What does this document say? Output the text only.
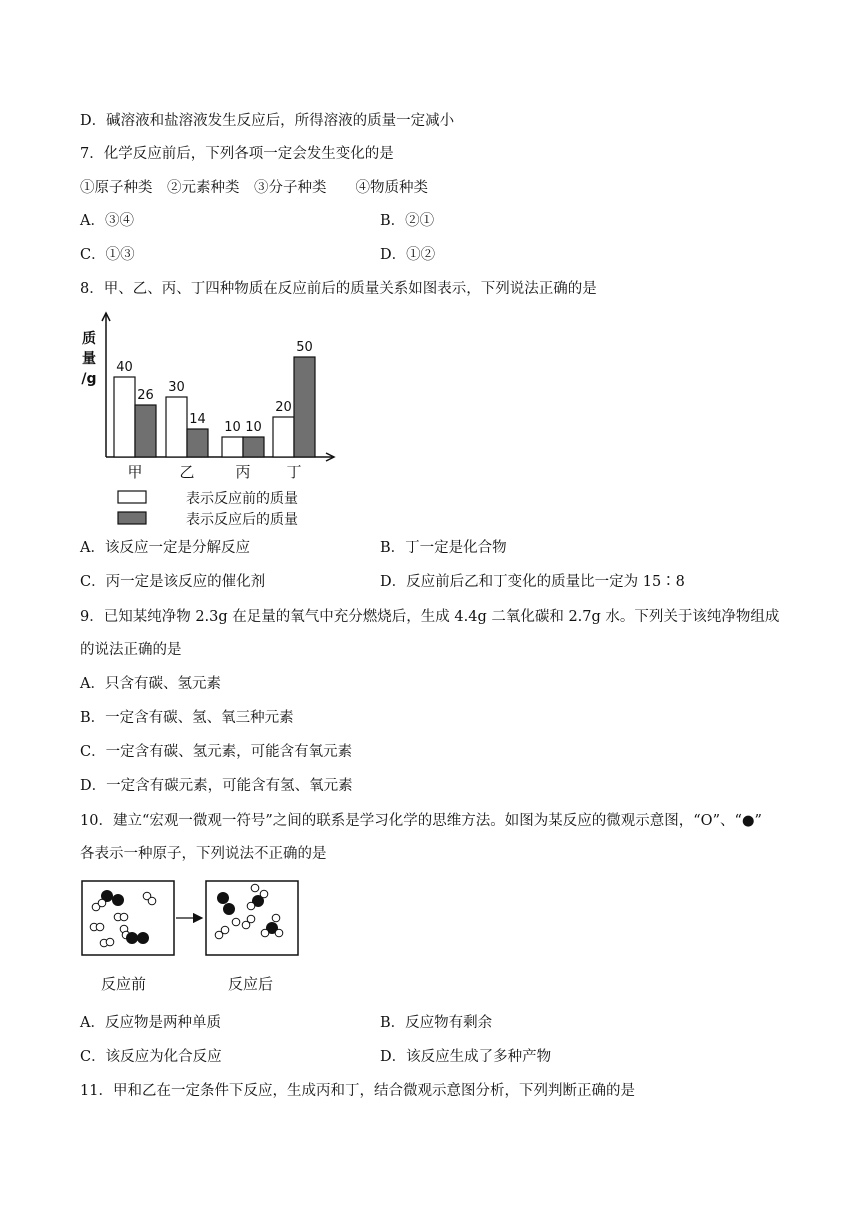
D．碱溶液和盐溶液发生反应后，所得溶液的质量一定减小
7．化学反应前后，下列各项一定会发生变化的是
①原子种类　②元素种类　③分子种类　　④物质种类
A．③④	B．②①
C．①③	D．①②
8．甲、乙、丙、丁四种物质在反应前后的质量关系如图表示，下列说法正确的是
质
量
/g
40
26
甲
30
14
乙
10 10
丙
20
50
丁
表示反应前的质量
表示反应后的质量
A．该反应一定是分解反应	B．丁一定是化合物
C．丙一定是该反应的催化剂	D．反应前后乙和丁变化的质量比一定为 15∶8
9．已知某纯净物 2.3g 在足量的氧气中充分燃烧后，生成 4.4g 二氧化碳和 2.7g 水。下列关于该纯净物组成
的说法正确的是
A．只含有碳、氢元素
B．一定含有碳、氢、氧三种元素
C．一定含有碳、氢元素，可能含有氧元素
D．一定含有碳元素，可能含有氢、氧元素
10．建立“宏观一微观一符号”之间的联系是学习化学的思维方法。如图为某反应的微观示意图，“O”、“●”
各表示一种原子，下列说法不正确的是
反应前	反应后
A．反应物是两种单质	B．反应物有剩余
C．该反应为化合反应	D．该反应生成了多种产物
11．甲和乙在一定条件下反应，生成丙和丁，结合微观示意图分析，下列判断正确的是
